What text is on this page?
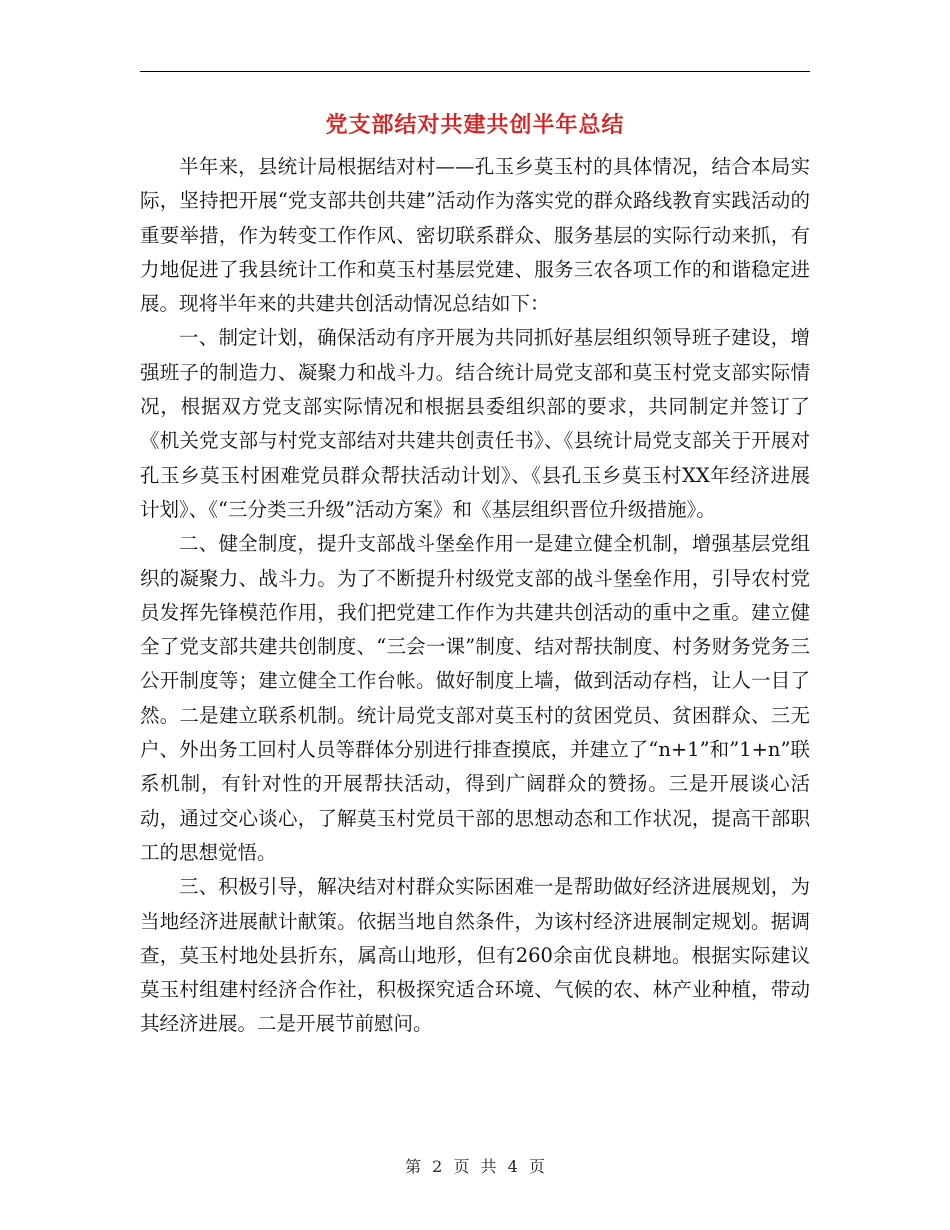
党支部结对共建共创半年总结

半年来，县统计局根据结对村——孔玉乡莫玉村的具体情况，结合本局实际，坚持把开展“党支部共创共建”活动作为落实党的群众路线教育实践活动的重要举措，作为转变工作作风、密切联系群众、服务基层的实际行动来抓，有力地促进了我县统计工作和莫玉村基层党建、服务三农各项工作的和谐稳定进展。现将半年来的共建共创活动情况总结如下：

一、制定计划，确保活动有序开展为共同抓好基层组织领导班子建设，增强班子的制造力、凝聚力和战斗力。结合统计局党支部和莫玉村党支部实际情况，根据双方党支部实际情况和根据县委组织部的要求，共同制定并签订了《机关党支部与村党支部结对共建共创责任书》、《县统计局党支部关于开展对孔玉乡莫玉村困难党员群众帮扶活动计划》、《县孔玉乡莫玉村XX年经济进展计划》、《“三分类三升级”活动方案》和《基层组织晋位升级措施》。

二、健全制度，提升支部战斗堡垒作用一是建立健全机制，增强基层党组织的凝聚力、战斗力。为了不断提升村级党支部的战斗堡垒作用，引导农村党员发挥先锋模范作用，我们把党建工作作为共建共创活动的重中之重。建立健全了党支部共建共创制度、“三会一课”制度、结对帮扶制度、村务财务党务三公开制度等；建立健全工作台帐。做好制度上墙，做到活动存档，让人一目了然。二是建立联系机制。统计局党支部对莫玉村的贫困党员、贫困群众、三无户、外出务工回村人员等群体分别进行排查摸底，并建立了“n+1”和”1+n”联系机制，有针对性的开展帮扶活动，得到广阔群众的赞扬。三是开展谈心活动，通过交心谈心，了解莫玉村党员干部的思想动态和工作状况，提高干部职工的思想觉悟。

三、积极引导，解决结对村群众实际困难一是帮助做好经济进展规划，为当地经济进展献计献策。依据当地自然条件，为该村经济进展制定规划。据调查，莫玉村地处县折东，属高山地形，但有260余亩优良耕地。根据实际建议莫玉村组建村经济合作社，积极探究适合环境、气候的农、林产业种植，带动其经济进展。二是开展节前慰问。

第 2 页 共 4 页
